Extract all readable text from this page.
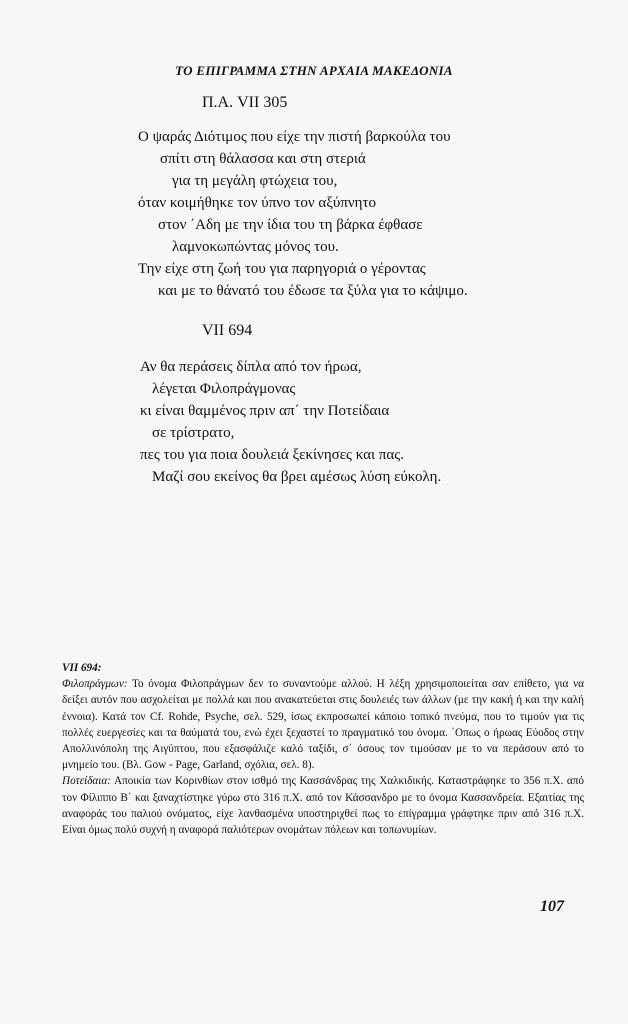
ΤΟ ΕΠΙΓΡΑΜΜΑ ΣΤΗΝ ΑΡΧΑΙΑ ΜΑΚΕΔΟΝΙΑ
Π.Α. VII 305
Ο ψαράς Διότιμος που είχε την πιστή βαρκούλα του
σπίτι στη θάλασσα και στη στεριά
για τη μεγάλη φτώχεια του,
όταν κοιμήθηκε τον ύπνο τον αξύπνητο
στον ΄Αδη με την ίδια του τη βάρκα έφθασε
λαμνοκωπώντας μόνος του.
Την είχε στη ζωή του για παρηγοριά ο γέροντας
και με το θάνατό του έδωσε τα ξύλα για το κάψιμο.
VII 694
Αν θα περάσεις δίπλα από τον ήρωα,
λέγεται Φιλοπράγμονας
κι είναι θαμμένος πριν απ΄ την Ποτείδαια
σε τρίστρατο,
πες του για ποια δουλειά ξεκίνησες και πας.
Μαζί σου εκείνος θα βρει αμέσως λύση εύκολη.

VII 694:

Φιλοπράγμων: Το όνομα Φιλοπράγμων δεν το συναντούμε αλλού. Η λέξη χρησιμοποιείται σαν επίθετο, για να δείξει αυτόν που ασχολείται με πολλά και που ανακατεύεται στις δουλειές των άλλων (με την κακή ή και την καλή έννοια). Κατά τον Cf. Rohde, Psyche, σελ. 529, ίσως εκπροσωπεί κάποιο τοπικό πνεύμα, που το τιμούν για τις πολλές ευεργεσίες και τα θαύματά του, ενώ έχει ξεχαστεί το πραγματικό του όνομα. ΄Οπως ο ήρωας Εύοδος στην Απολλινόπολη της Αιγύπτου, που εξασφάλιζε καλό ταξίδι, σ΄ όσους τον τιμούσαν με το να περάσουν από το μνημείο του. (Βλ. Gow - Page, Garland, σχόλια, σελ. 8).

Ποτείδαια: Αποικία των Κορινθίων στον ισθμό της Κασσάνδρας της Χαλκιδικής. Καταστράφηκε το 356 π.Χ. από τον Φίλιππο Β΄ και ξαναχτίστηκε γύρω στο 316 π.Χ. από τον Κάσσανδρο με το όνομα Κασσανδρεία. Εξαιτίας της αναφοράς του παλιού ονόματος, είχε λανθασμένα υποστηριχθεί πως το επίγραμμα γράφτηκε πριν από 316 π.Χ. Είναι όμως πολύ συχνή η αναφορά παλιότερων ονομάτων πόλεων και τοπωνυμίων.

107
